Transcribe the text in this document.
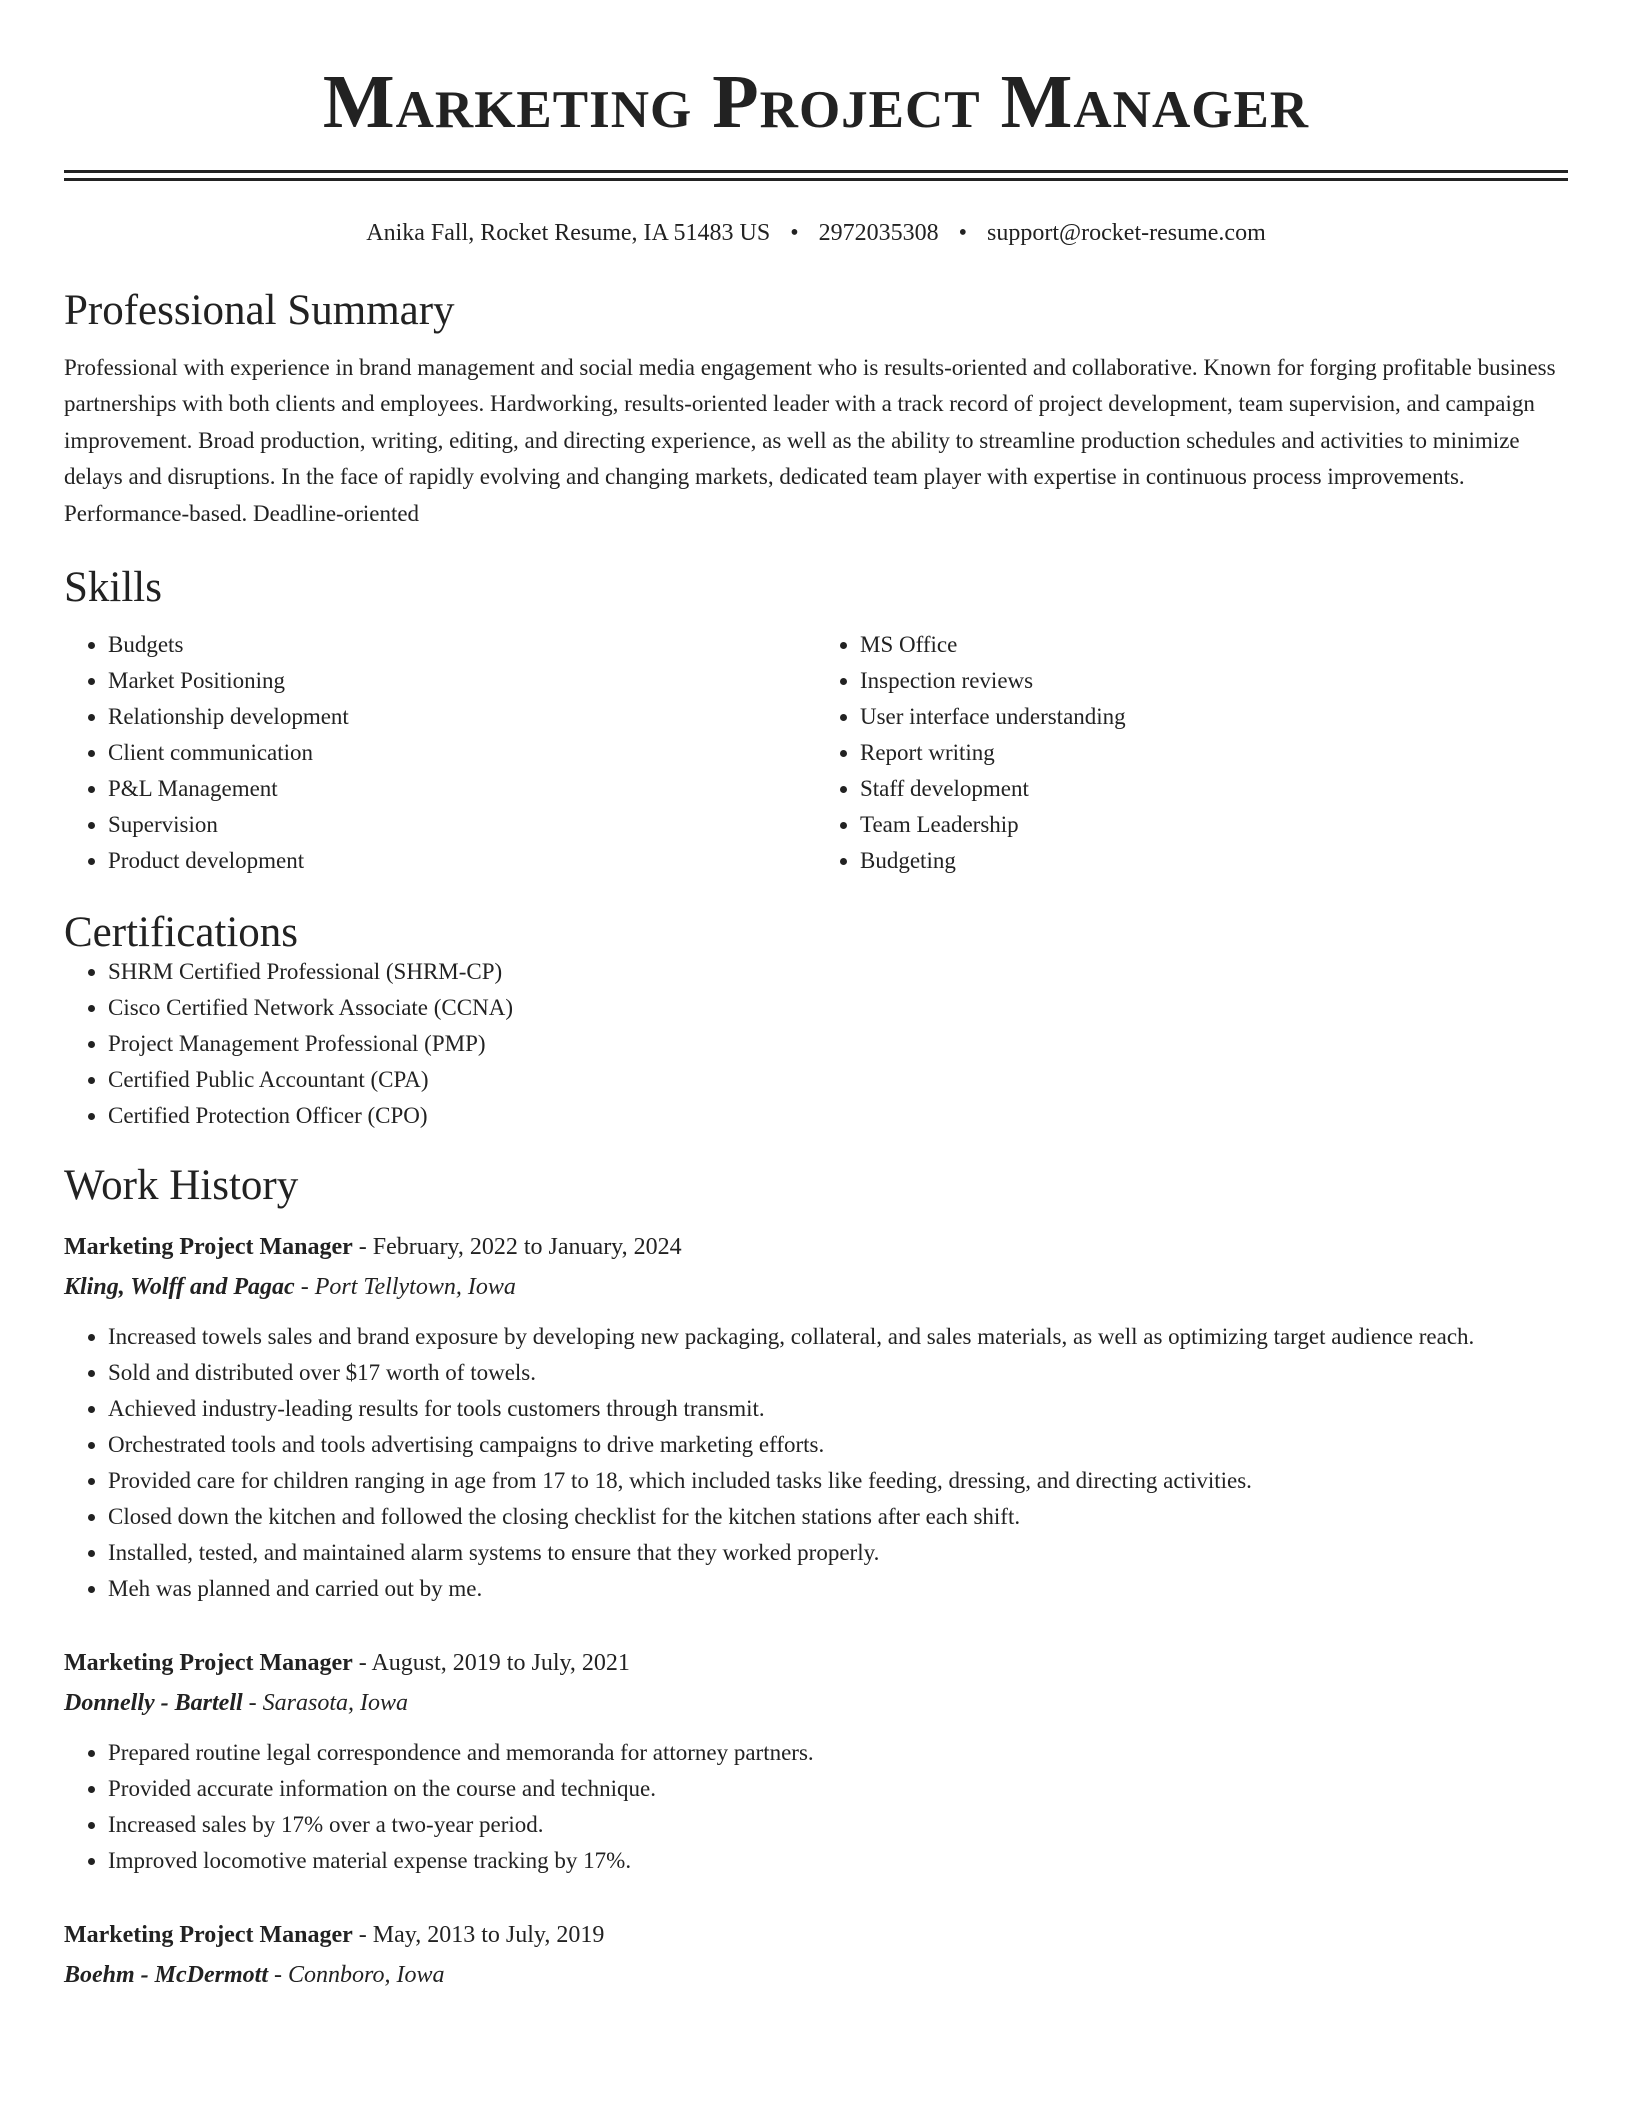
Marketing Project Manager
Anika Fall, Rocket Resume, IA 51483 US • 2972035308 • support@rocket-resume.com
Professional Summary

Professional with experience in brand management and social media engagement who is results-oriented and collaborative. Known for forging profitable business partnerships with both clients and employees. Hardworking, results-oriented leader with a track record of project development, team supervision, and campaign improvement. Broad production, writing, editing, and directing experience, as well as the ability to streamline production schedules and activities to minimize delays and disruptions. In the face of rapidly evolving and changing markets, dedicated team player with expertise in continuous process improvements. Performance-based. Deadline-oriented

Skills
• Budgets
• Market Positioning
• Relationship development
• Client communication
• P&L Management
• Supervision
• Product development
• MS Office
• Inspection reviews
• User interface understanding
• Report writing
• Staff development
• Team Leadership
• Budgeting
Certifications
• SHRM Certified Professional (SHRM-CP)
• Cisco Certified Network Associate (CCNA)
• Project Management Professional (PMP)
• Certified Public Accountant (CPA)
• Certified Protection Officer (CPO)
Work History
Marketing Project Manager - February, 2022 to January, 2024
Kling, Wolff and Pagac - Port Tellytown, Iowa
• Increased towels sales and brand exposure by developing new packaging, collateral, and sales materials, as well as optimizing target audience reach.
• Sold and distributed over $17 worth of towels.
• Achieved industry-leading results for tools customers through transmit.
• Orchestrated tools and tools advertising campaigns to drive marketing efforts.
• Provided care for children ranging in age from 17 to 18, which included tasks like feeding, dressing, and directing activities.
• Closed down the kitchen and followed the closing checklist for the kitchen stations after each shift.
• Installed, tested, and maintained alarm systems to ensure that they worked properly.
• Meh was planned and carried out by me.
Marketing Project Manager - August, 2019 to July, 2021
Donnelly - Bartell - Sarasota, Iowa
• Prepared routine legal correspondence and memoranda for attorney partners.
• Provided accurate information on the course and technique.
• Increased sales by 17% over a two-year period.
• Improved locomotive material expense tracking by 17%.
Marketing Project Manager - May, 2013 to July, 2019
Boehm - McDermott - Connboro, Iowa
